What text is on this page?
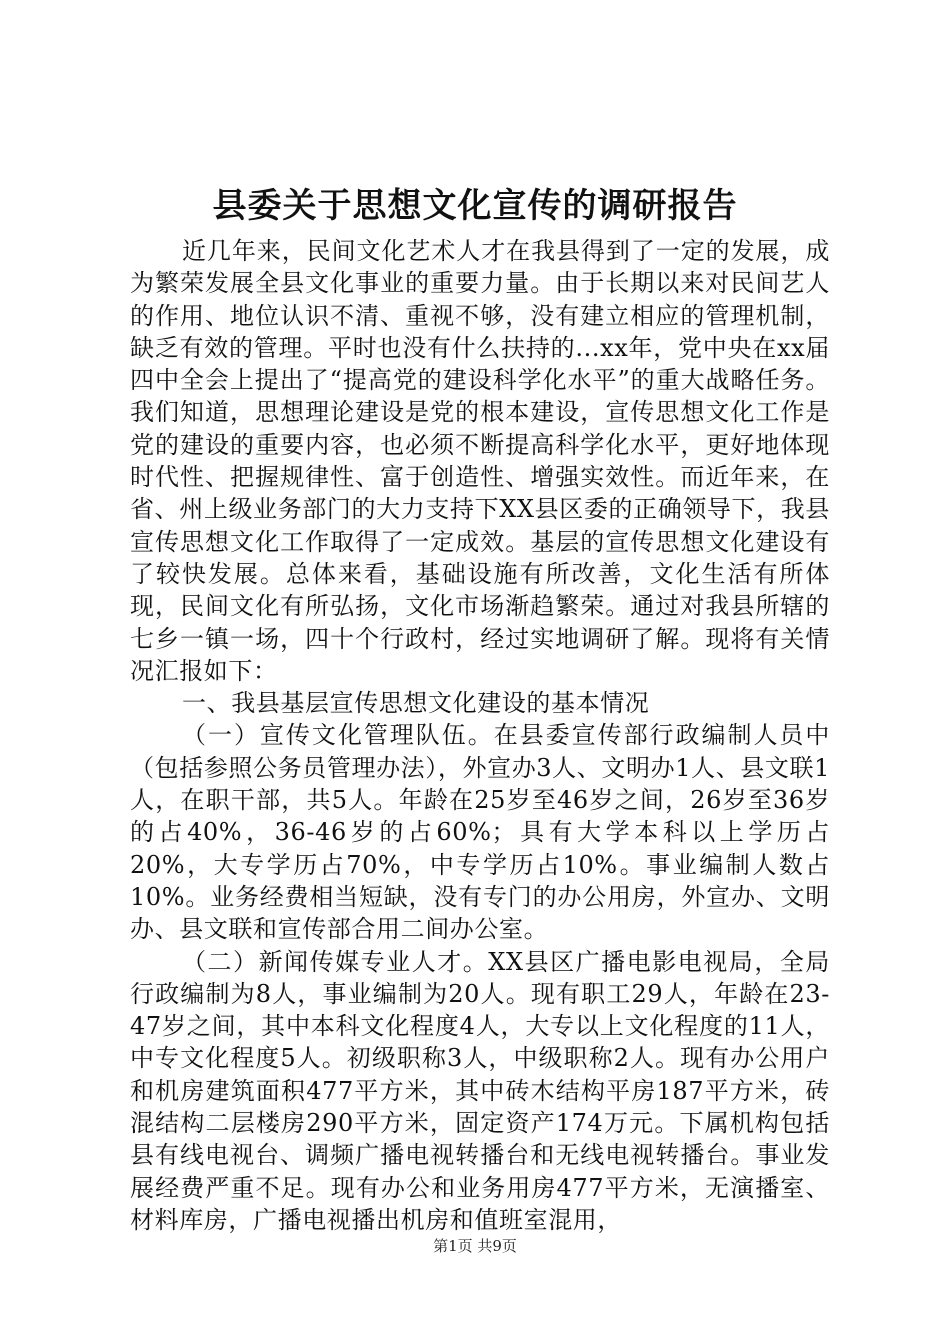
县委关于思想文化宣传的调研报告

近几年来，民间文化艺术人才在我县得到了一定的发展，成为繁荣发展全县文化事业的重要力量。由于长期以来对民间艺人的作用、地位认识不清、重视不够，没有建立相应的管理机制，缺乏有效的管理。平时也没有什么扶持的...xx年，党中央在xx届四中全会上提出了“提高党的建设科学化水平”的重大战略任务。我们知道，思想理论建设是党的根本建设，宣传思想文化工作是党的建设的重要内容，也必须不断提高科学化水平，更好地体现时代性、把握规律性、富于创造性、增强实效性。而近年来，在省、州上级业务部门的大力支持下XX县区委的正确领导下，我县宣传思想文化工作取得了一定成效。基层的宣传思想文化建设有了较快发展。总体来看，基础设施有所改善，文化生活有所体现，民间文化有所弘扬，文化市场渐趋繁荣。通过对我县所辖的七乡一镇一场，四十个行政村，经过实地调研了解。现将有关情况汇报如下：

一、我县基层宣传思想文化建设的基本情况

（一）宣传文化管理队伍。在县委宣传部行政编制人员中（包括参照公务员管理办法），外宣办3人、文明办1人、县文联1人，在职干部，共5人。年龄在25岁至46岁之间，26岁至36岁的占40%，36-46岁的占60%；具有大学本科以上学历占20%，大专学历占70%，中专学历占10%。事业编制人数占10%。业务经费相当短缺，没有专门的办公用房，外宣办、文明办、县文联和宣传部合用二间办公室。

（二）新闻传媒专业人才。XX县区广播电影电视局，全局行政编制为8人，事业编制为20人。现有职工29人，年龄在23-47岁之间，其中本科文化程度4人，大专以上文化程度的11人，中专文化程度5人。初级职称3人，中级职称2人。现有办公用户和机房建筑面积477平方米，其中砖木结构平房187平方米，砖混结构二层楼房290平方米，固定资产174万元。下属机构包括县有线电视台、调频广播电视转播台和无线电视转播台。事业发展经费严重不足。现有办公和业务用房477平方米，无演播室、材料库房，广播电视播出机房和值班室混用，

第1页 共9页
